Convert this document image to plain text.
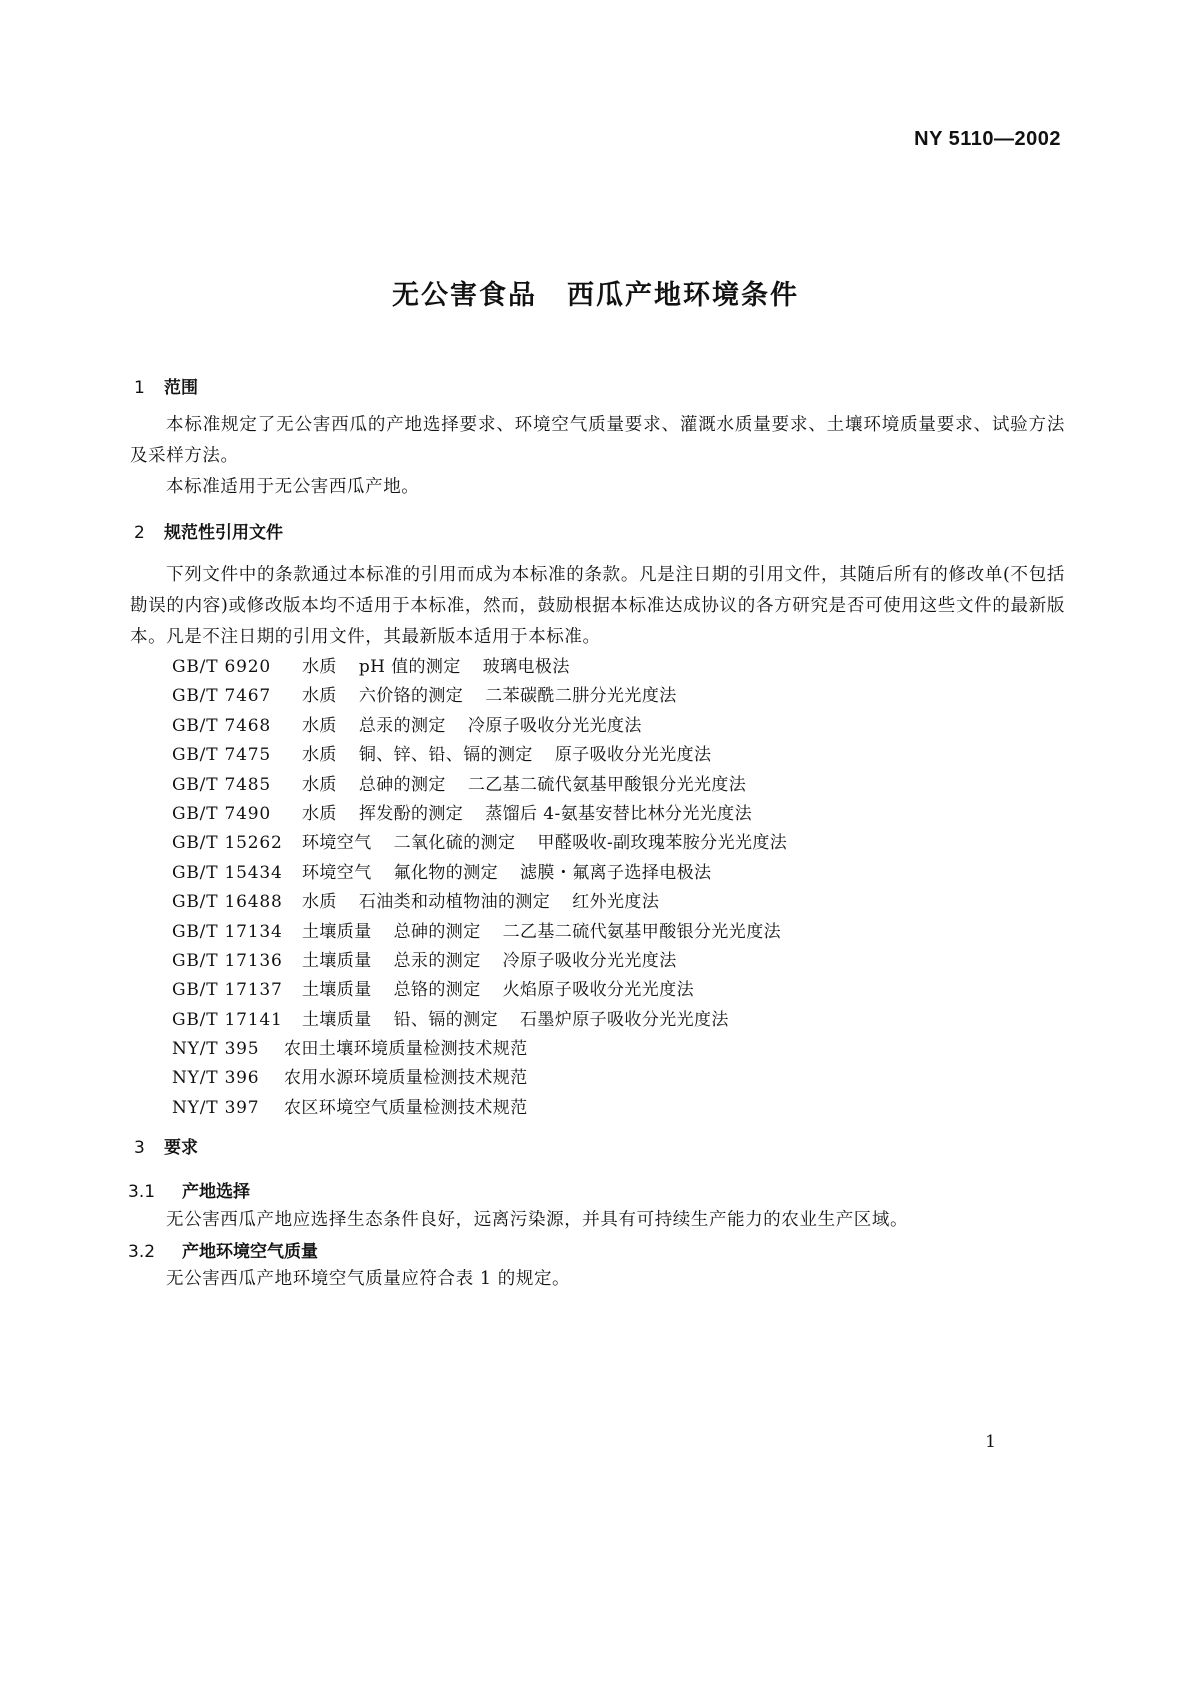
NY 5110—2002
无公害食品 西瓜产地环境条件
1 范围

本标准规定了无公害西瓜的产地选择要求、环境空气质量要求、灌溉水质量要求、土壤环境质量要求、试验方法及采样方法。

本标准适用于无公害西瓜产地。

2 规范性引用文件

下列文件中的条款通过本标准的引用而成为本标准的条款。凡是注日期的引用文件，其随后所有的修改单(不包括勘误的内容)或修改版本均不适用于本标准，然而，鼓励根据本标准达成协议的各方研究是否可使用这些文件的最新版本。凡是不注日期的引用文件，其最新版本适用于本标准。

GB/T 6920 水质 pH 值的测定 玻璃电极法
GB/T 7467 水质 六价铬的测定 二苯碳酰二肼分光光度法
GB/T 7468 水质 总汞的测定 冷原子吸收分光光度法
GB/T 7475 水质 铜、锌、铅、镉的测定 原子吸收分光光度法
GB/T 7485 水质 总砷的测定 二乙基二硫代氨基甲酸银分光光度法
GB/T 7490 水质 挥发酚的测定 蒸馏后 4-氨基安替比林分光光度法
GB/T 15262 环境空气 二氧化硫的测定 甲醛吸收-副玫瑰苯胺分光光度法
GB/T 15434 环境空气 氟化物的测定 滤膜・氟离子选择电极法
GB/T 16488 水质 石油类和动植物油的测定 红外光度法
GB/T 17134 土壤质量 总砷的测定 二乙基二硫代氨基甲酸银分光光度法
GB/T 17136 土壤质量 总汞的测定 冷原子吸收分光光度法
GB/T 17137 土壤质量 总铬的测定 火焰原子吸收分光光度法
GB/T 17141 土壤质量 铅、镉的测定 石墨炉原子吸收分光光度法
NY/T 395 农田土壤环境质量检测技术规范
NY/T 396 农用水源环境质量检测技术规范
NY/T 397 农区环境空气质量检测技术规范
3 要求
3.1 产地选择

无公害西瓜产地应选择生态条件良好，远离污染源，并具有可持续生产能力的农业生产区域。

3.2 产地环境空气质量

无公害西瓜产地环境空气质量应符合表 1 的规定。

1
